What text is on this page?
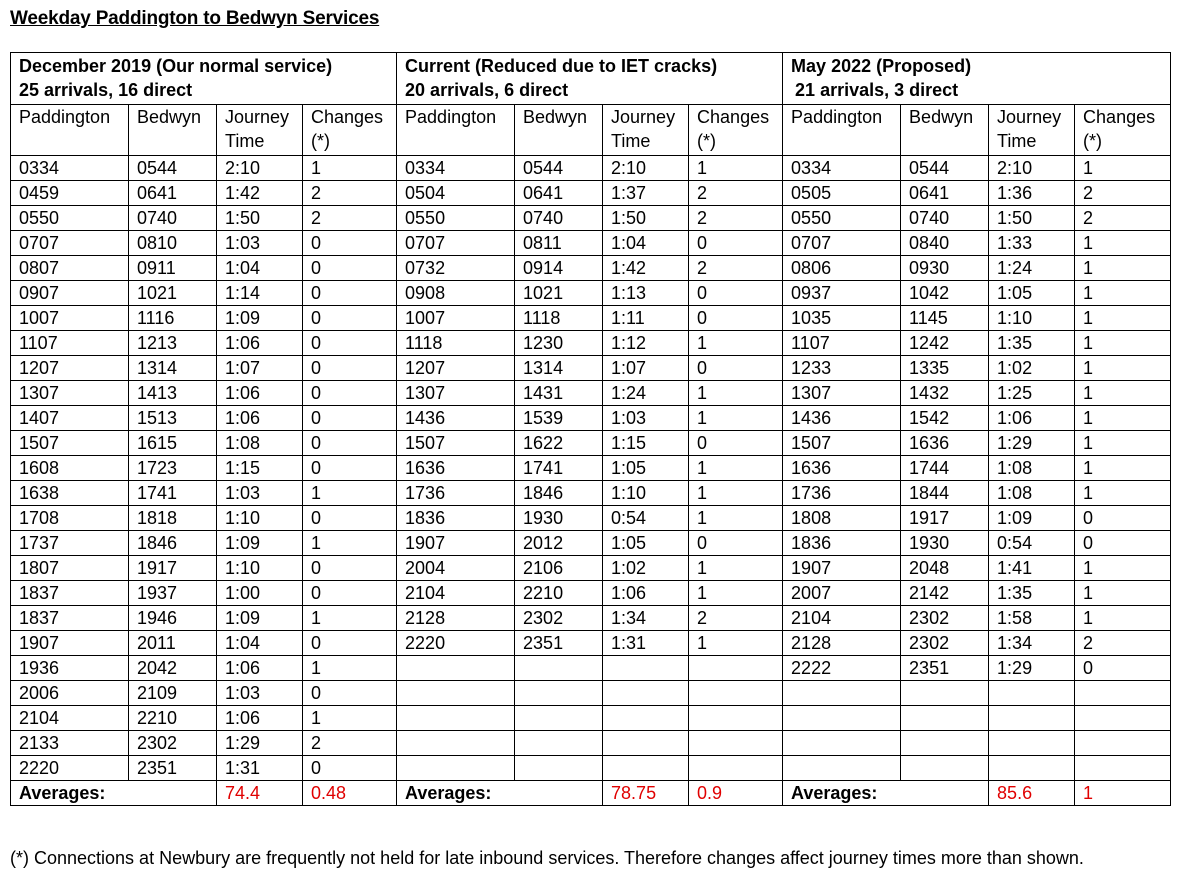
Weekday Paddington to Bedwyn Services
December 2019 (Our normal service)
25 arrivals, 16 direct				Current (Reduced due to IET cracks)
20 arrivals, 6 direct				May 2022 (Proposed)
21 arrivals, 3 direct			

Paddington	Bedwyn	Journey Time	Changes (*)	Paddington	Bedwyn	Journey Time	Changes (*)	Paddington	Bedwyn	Journey Time	Changes (*)
0334	0544	2:10	1	0334	0544	2:10	1	0334	0544	2:10	1
0459	0641	1:42	2	0504	0641	1:37	2	0505	0641	1:36	2
0550	0740	1:50	2	0550	0740	1:50	2	0550	0740	1:50	2
0707	0810	1:03	0	0707	0811	1:04	0	0707	0840	1:33	1
0807	0911	1:04	0	0732	0914	1:42	2	0806	0930	1:24	1
0907	1021	1:14	0	0908	1021	1:13	0	0937	1042	1:05	1
1007	1116	1:09	0	1007	1118	1:11	0	1035	1145	1:10	1
1107	1213	1:06	0	1118	1230	1:12	1	1107	1242	1:35	1
1207	1314	1:07	0	1207	1314	1:07	0	1233	1335	1:02	1
1307	1413	1:06	0	1307	1431	1:24	1	1307	1432	1:25	1
1407	1513	1:06	0	1436	1539	1:03	1	1436	1542	1:06	1
1507	1615	1:08	0	1507	1622	1:15	0	1507	1636	1:29	1
1608	1723	1:15	0	1636	1741	1:05	1	1636	1744	1:08	1
1638	1741	1:03	1	1736	1846	1:10	1	1736	1844	1:08	1
1708	1818	1:10	0	1836	1930	0:54	1	1808	1917	1:09	0
1737	1846	1:09	1	1907	2012	1:05	0	1836	1930	0:54	0
1807	1917	1:10	0	2004	2106	1:02	1	1907	2048	1:41	1
1837	1937	1:00	0	2104	2210	1:06	1	2007	2142	1:35	1
1837	1946	1:09	1	2128	2302	1:34	2	2104	2302	1:58	1
1907	2011	1:04	0	2220	2351	1:31	1	2128	2302	1:34	2
1936	2042	1:06	1					2222	2351	1:29	0
2006	2109	1:03	0								
2104	2210	1:06	1								
2133	2302	1:29	2								
2220	2351	1:31	0								
Averages:		74.4	0.48	Averages:		78.75	0.9	Averages:		85.6	1
(*) Connections at Newbury are frequently not held for late inbound services. Therefore changes affect journey times more than shown.
